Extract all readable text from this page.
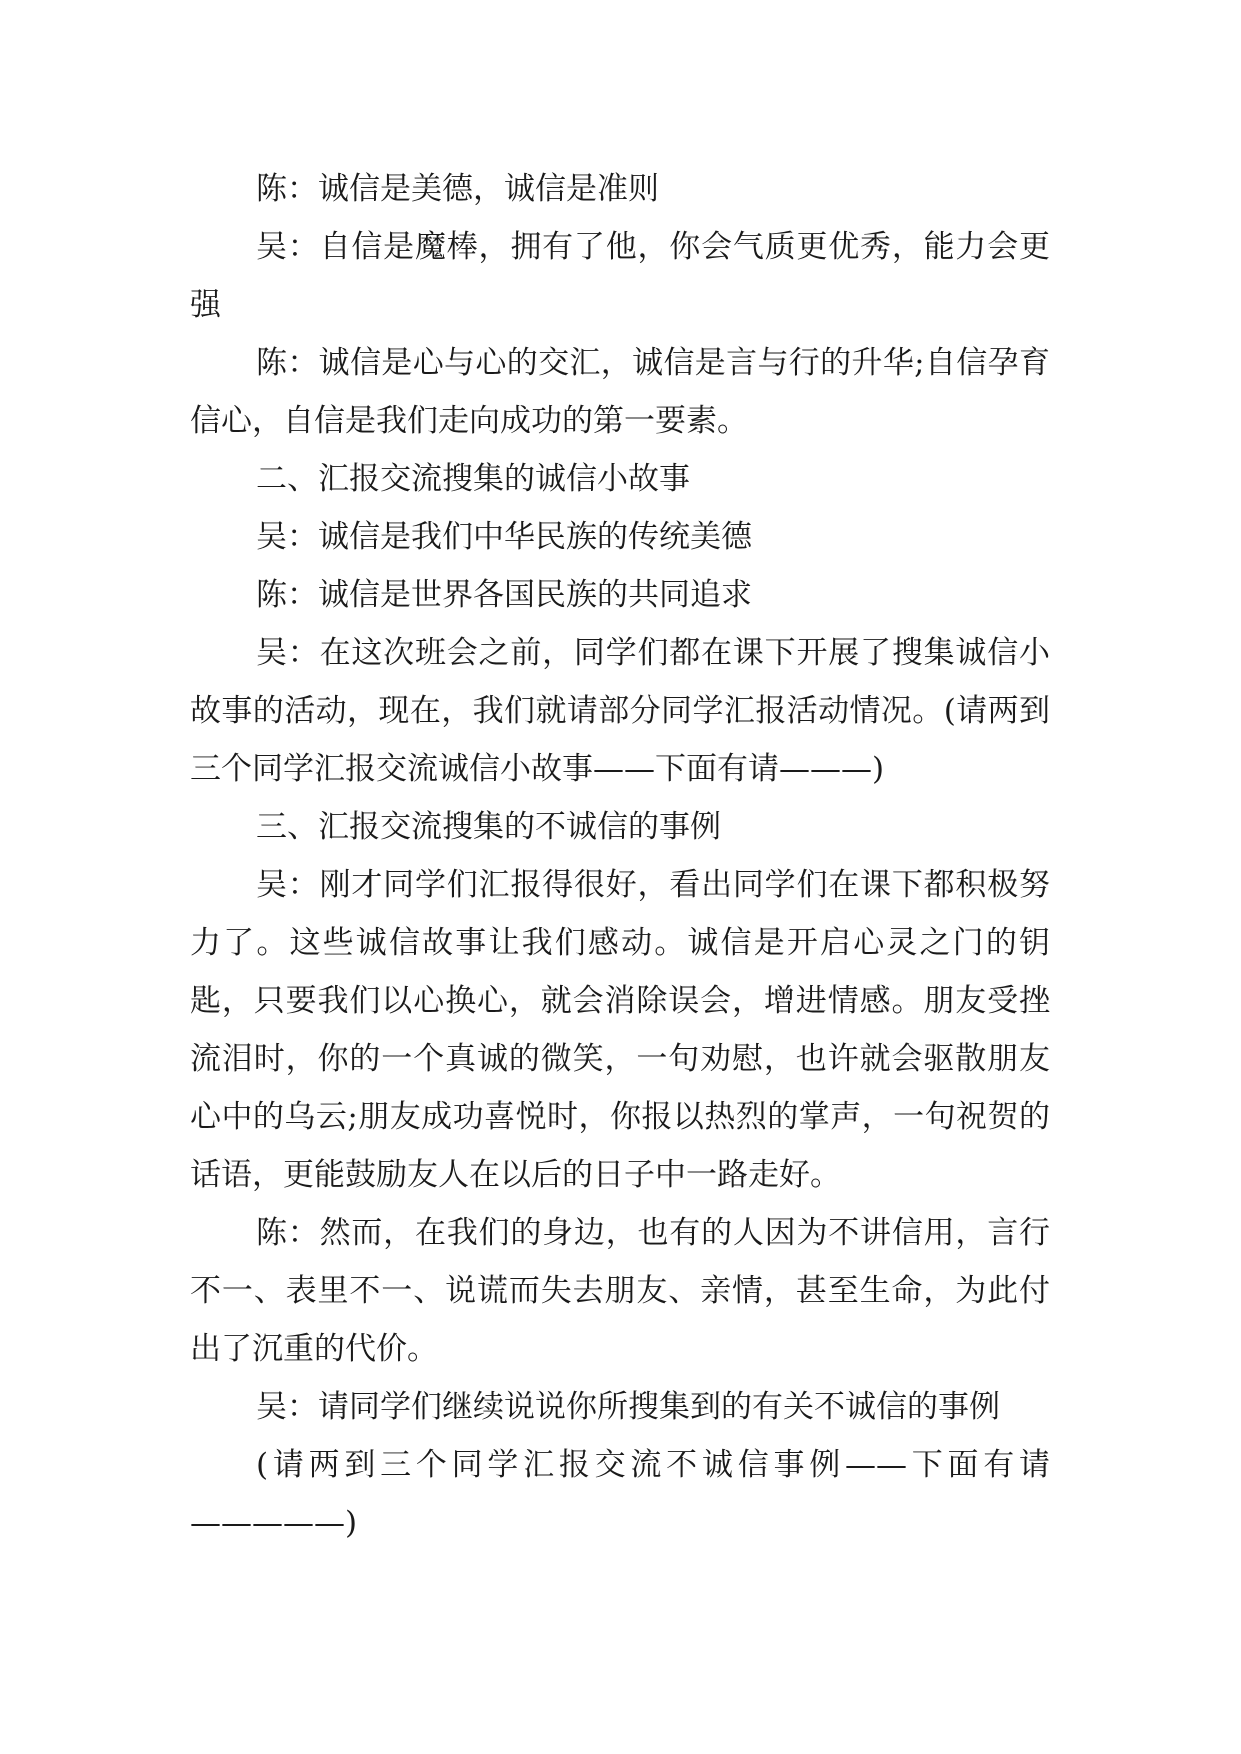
陈：诚信是美德，诚信是准则

吴：自信是魔棒，拥有了他，你会气质更优秀，能力会更强

陈：诚信是心与心的交汇，诚信是言与行的升华;自信孕育信心，自信是我们走向成功的第一要素。

二、汇报交流搜集的诚信小故事

吴：诚信是我们中华民族的传统美德

陈：诚信是世界各国民族的共同追求

吴：在这次班会之前，同学们都在课下开展了搜集诚信小故事的活动，现在，我们就请部分同学汇报活动情况。(请两到三个同学汇报交流诚信小故事——下面有请———)

三、汇报交流搜集的不诚信的事例

吴：刚才同学们汇报得很好，看出同学们在课下都积极努力了。这些诚信故事让我们感动。诚信是开启心灵之门的钥匙，只要我们以心换心，就会消除误会，增进情感。朋友受挫流泪时，你的一个真诚的微笑，一句劝慰，也许就会驱散朋友心中的乌云;朋友成功喜悦时，你报以热烈的掌声，一句祝贺的话语，更能鼓励友人在以后的日子中一路走好。

陈：然而，在我们的身边，也有的人因为不讲信用，言行不一、表里不一、说谎而失去朋友、亲情，甚至生命，为此付出了沉重的代价。

吴：请同学们继续说说你所搜集到的有关不诚信的事例

(请两到三个同学汇报交流不诚信事例——下面有请—————)
